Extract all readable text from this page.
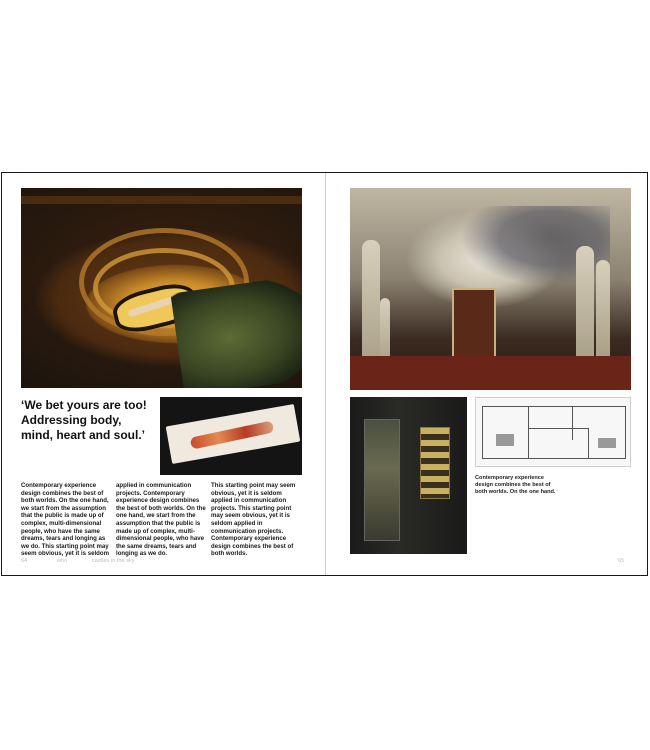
‘We bet yours are too! Addressing body, mind, heart and soul.’

Contemporary experience design combines the best of both worlds. On the one hand, we start from the assumption that the public is made up of complex, multi-dimensional people, who have the same dreams, tears and longing as we do. This starting point may seem obvious, yet it is seldom

applied in communication projects. Contemporary experience design combines the best of both worlds. On the one hand, we start from the assumption that the public is made up of complex, multi-dimensional people, who have the same dreams, tears and longing as we do.

This starting point may seem obvious, yet it is seldom applied in communication projects. This starting point may seem obvious, yet it is seldom applied in communication projects. Contemporary experience design combines the best of both worlds.

64	who	castles in the sky

Contemporary experience design combines the best of both worlds. On the one hand.

65
